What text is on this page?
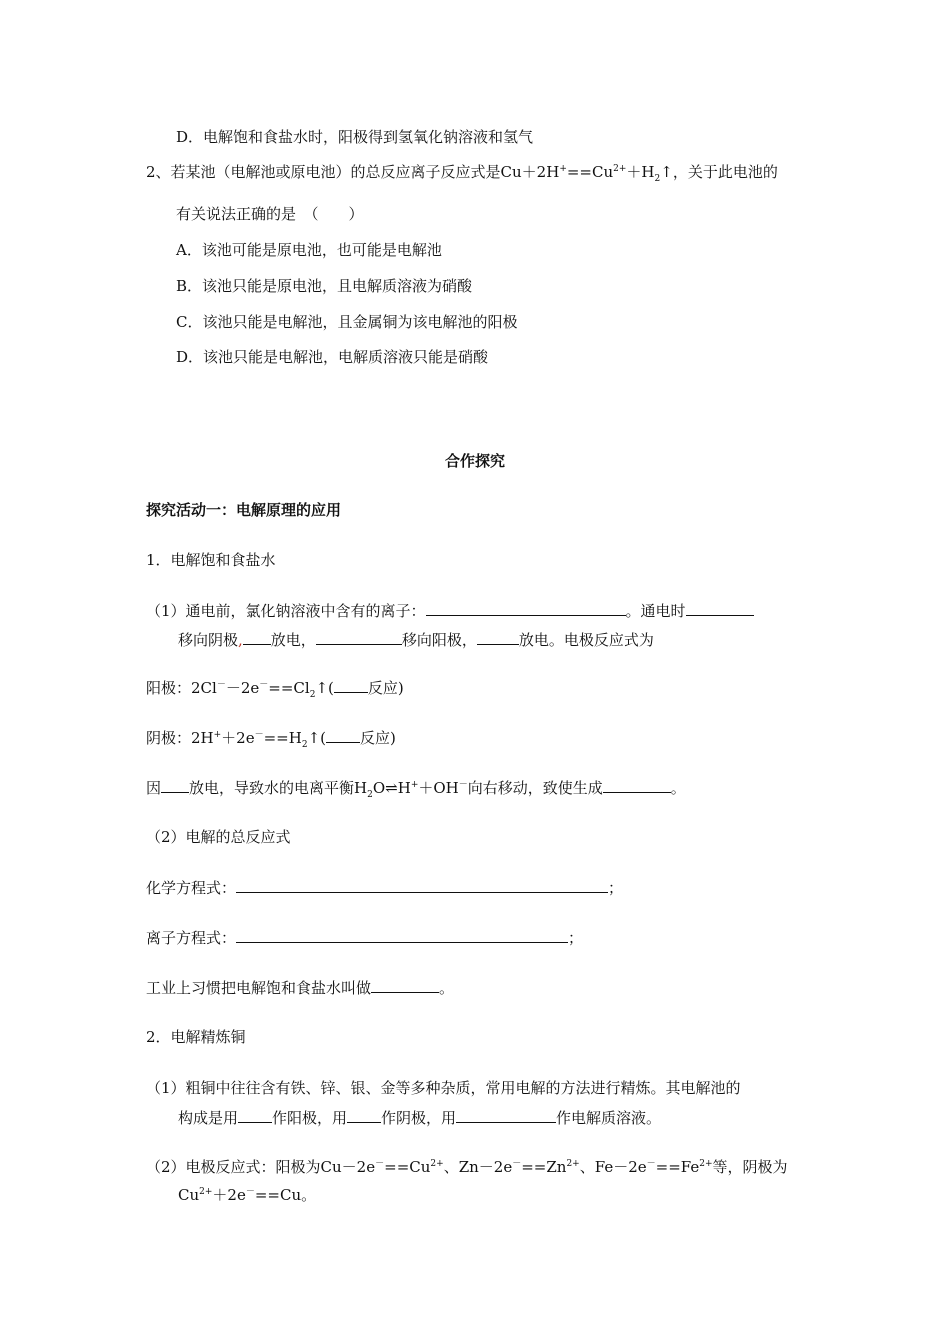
D．电解饱和食盐水时，阳极得到氢氧化钠溶液和氢气
2、若某池（电解池或原电池）的总反应离子反应式是$Cu+2H^+==Cu^{2+}+H_2↑$，关于此电池的
有关说法正确的是　（　　）
A．该池可能是原电池，也可能是电解池
B．该池只能是原电池，且电解质溶液为硝酸
C．该池只能是电解池，且金属铜为该电解池的阳极
D．该池只能是电解池，电解质溶液只能是硝酸
合作探究
探究活动一：电解原理的应用
1．电解饱和食盐水
（1）通电前，氯化钠溶液中含有的离子：	。通电时
移向阴极, 放电，	移向阳极，	放电。电极反应式为
阳极：$2Cl^--2e^-==Cl_2↑$( 反应)
阴极：$2H^++2e^-==H_2↑$( 反应)
因 放电，导致水的电离平衡$H_2O\rightleftharpoons H^++OH^-$向右移动，致使生成	。
（2）电解的总反应式
化学方程式：	；
离子方程式：	；
工业上习惯把电解饱和食盐水叫做	。
2．电解精炼铜
（1）粗铜中往往含有铁、锌、银、金等多种杂质，常用电解的方法进行精炼。其电解池的
构成是用 作阳极，用 作阴极，用	作电解质溶液。
（2）电极反应式：阳极为$Cu-2e^-==Cu^{2+}$、$Zn-2e^-==Zn^{2+}$、$Fe-2e^-==Fe^{2+}$等，阴极为
$Cu^{2+}+2e^-==Cu$。
